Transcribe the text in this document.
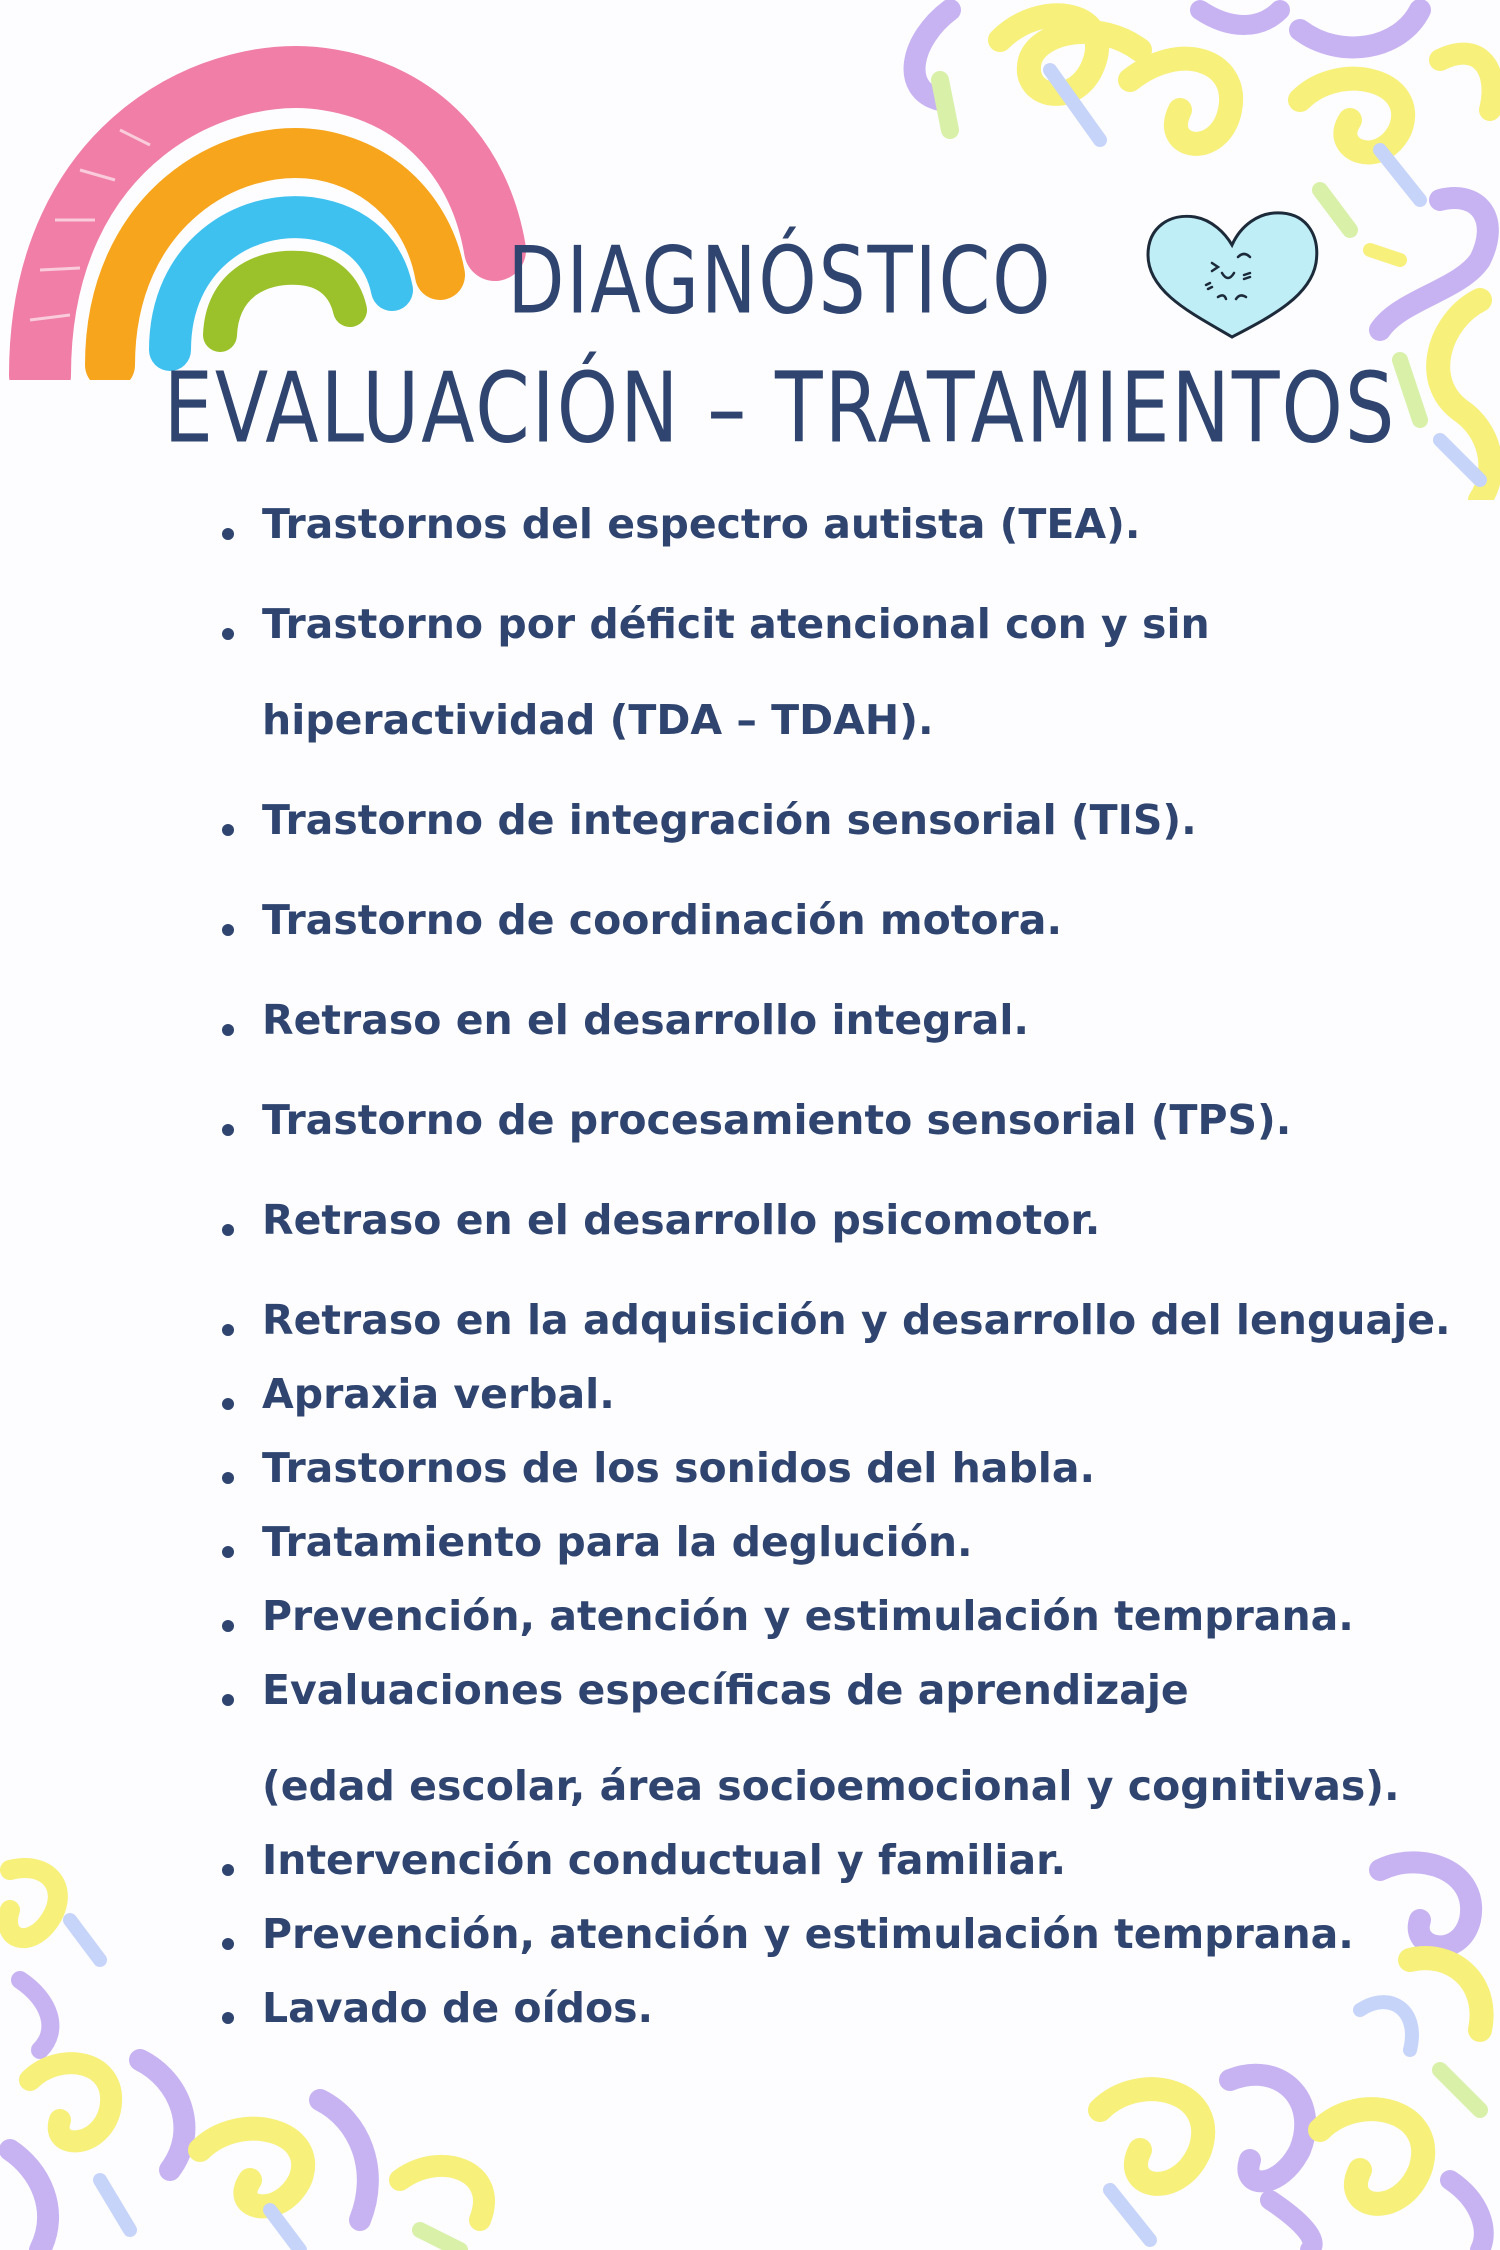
DIAGNÓSTICO
EVALUACIÓN – TRATAMIENTOS
Trastornos del espectro autista (TEA).
Trastorno por déficit atencional con y sin
hiperactividad (TDA – TDAH).
Trastorno de integración sensorial (TIS).
Trastorno de coordinación motora.
Retraso en el desarrollo integral.
Trastorno de procesamiento sensorial (TPS).
Retraso en el desarrollo psicomotor.
Retraso en la adquisición y desarrollo del lenguaje.
Apraxia verbal.
Trastornos de los sonidos del habla.
Tratamiento para la deglución.
Prevención, atención y estimulación temprana.
Evaluaciones específicas de aprendizaje
(edad escolar, área socioemocional y cognitivas).
Intervención conductual y familiar.
Prevención, atención y estimulación temprana.
Lavado de oídos.
